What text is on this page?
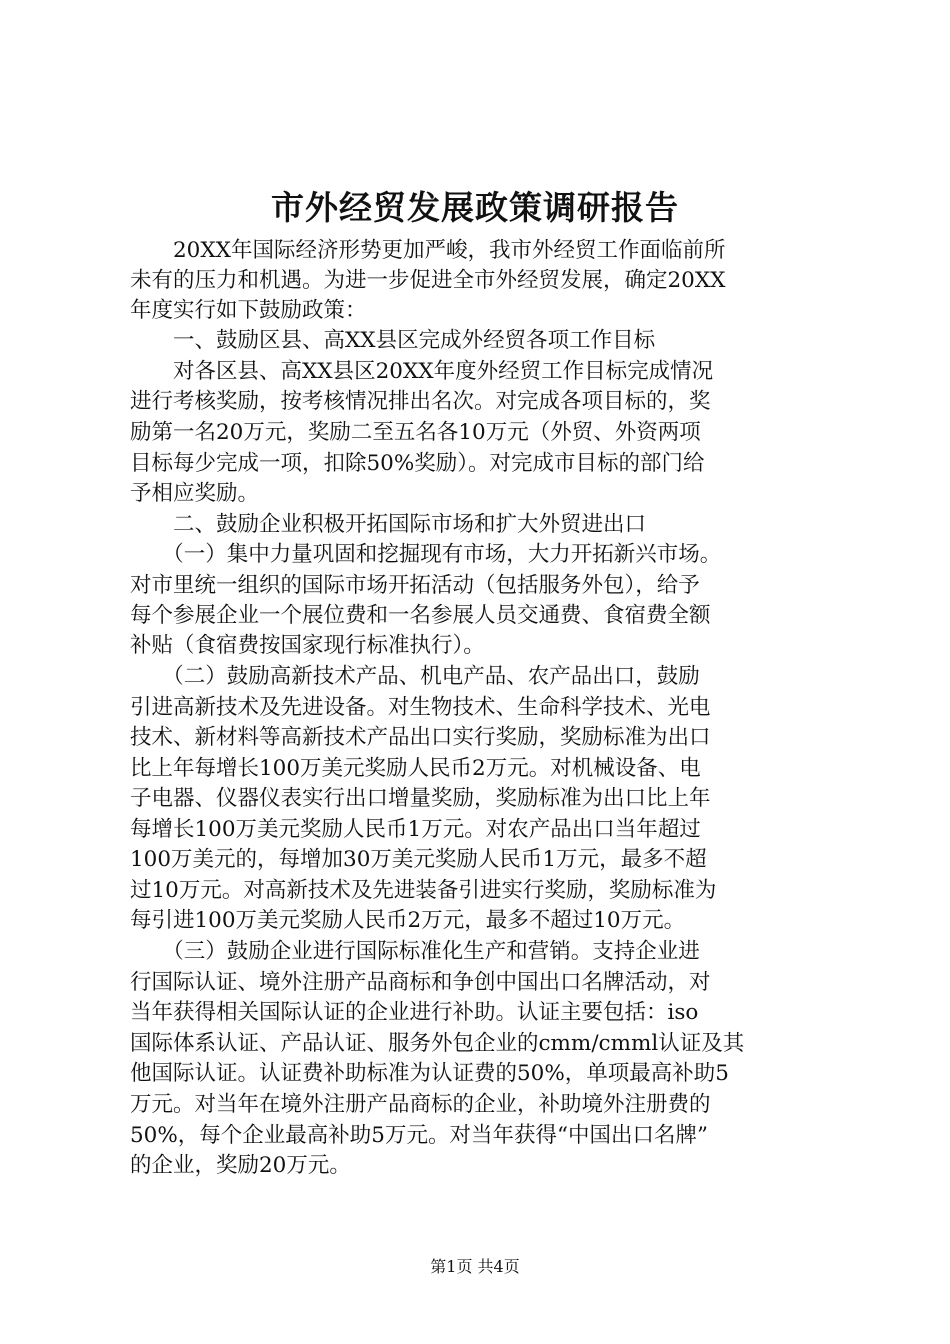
市外经贸发展政策调研报告

　　20XX年国际经济形势更加严峻，我市外经贸工作面临前所

未有的压力和机遇。为进一步促进全市外经贸发展，确定20XX

年度实行如下鼓励政策：

　　一、鼓励区县、高XX县区完成外经贸各项工作目标

　　对各区县、高XX县区20XX年度外经贸工作目标完成情况

进行考核奖励，按考核情况排出名次。对完成各项目标的，奖

励第一名20万元，奖励二至五名各10万元（外贸、外资两项

目标每少完成一项，扣除50%奖励）。对完成市目标的部门给

予相应奖励。

　　二、鼓励企业积极开拓国际市场和扩大外贸进出口

　　（一）集中力量巩固和挖掘现有市场，大力开拓新兴市场。

对市里统一组织的国际市场开拓活动（包括服务外包），给予

每个参展企业一个展位费和一名参展人员交通费、食宿费全额

补贴（食宿费按国家现行标准执行）。

　　（二）鼓励高新技术产品、机电产品、农产品出口，鼓励

引进高新技术及先进设备。对生物技术、生命科学技术、光电

技术、新材料等高新技术产品出口实行奖励，奖励标准为出口

比上年每增长100万美元奖励人民币2万元。对机械设备、电

子电器、仪器仪表实行出口增量奖励，奖励标准为出口比上年

每增长100万美元奖励人民币1万元。对农产品出口当年超过

100万美元的，每增加30万美元奖励人民币1万元，最多不超

过10万元。对高新技术及先进装备引进实行奖励，奖励标准为

每引进100万美元奖励人民币2万元，最多不超过10万元。

　　（三）鼓励企业进行国际标准化生产和营销。支持企业进

行国际认证、境外注册产品商标和争创中国出口名牌活动，对

当年获得相关国际认证的企业进行补助。认证主要包括：iso

国际体系认证、产品认证、服务外包企业的cmm/cmml认证及其

他国际认证。认证费补助标准为认证费的50%，单项最高补助5

万元。对当年在境外注册产品商标的企业，补助境外注册费的

50%，每个企业最高补助5万元。对当年获得“中国出口名牌”

的企业，奖励20万元。

第1页 共4页
